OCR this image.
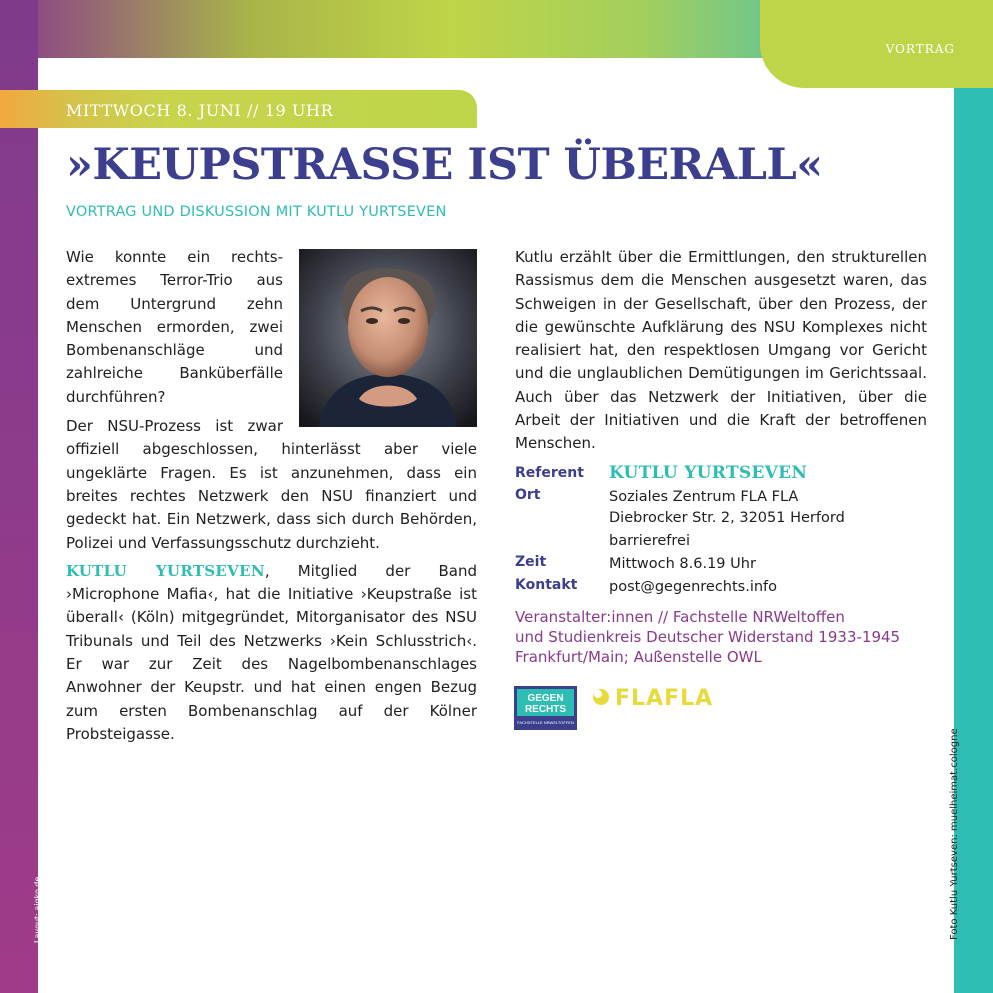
VORTRAG
MITTWOCH 8. JUNI // 19 UHR
»KEUPSTRASSE IST ÜBERALL«
VORTRAG UND DISKUSSION MIT KUTLU YURTSEVEN

Wie konnte ein rechtsextremes Terror-Trio aus dem Untergrund zehn Menschen ermorden, zwei Bombenanschläge und zahlreiche Banküberfälle durchführen?

Der NSU-Prozess ist zwar offiziell abgeschlossen, hinterlässt aber viele ungeklärte Fragen. Es ist anzunehmen, dass ein breites rechtes Netzwerk den NSU finanziert und gedeckt hat. Ein Netzwerk, dass sich durch Behörden, Polizei und Verfassungsschutz durchzieht.

KUTLU YURTSEVEN, Mitglied der Band ›Microphone Mafia‹, hat die Initiative ›Keupstraße ist überall‹ (Köln) mitgegründet, Mitorganisator des NSU Tribunals und Teil des Netzwerks ›Kein Schlusstrich‹. Er war zur Zeit des Nagelbombenanschlages Anwohner der Keupstr. und hat einen engen Bezug zum ersten Bombenanschlag auf der Kölner Probsteigasse.

Kutlu erzählt über die Ermittlungen, den strukturellen Rassismus dem die Menschen ausgesetzt waren, das Schweigen in der Gesellschaft, über den Prozess, der die gewünschte Aufklärung des NSU Komplexes nicht realisiert hat, den respektlosen Umgang vor Gericht und die unglaublichen Demütigungen im Gerichtssaal. Auch über das Netzwerk der Initiativen, über die Arbeit der Initiativen und die Kraft der betroffenen Menschen.

Referent KUTLU YURTSEVEN
Ort	Soziales Zentrum FLA FLA
Diebrocker Str. 2, 32051 Herford
barrierefrei
Zeit	Mittwoch 8.6.19 Uhr
Kontakt post@gegenrechts.info
Veranstalter:innen // Fachstelle NRWeltoffen
und Studienkreis Deutscher Widerstand 1933-1945
Frankfurt/Main; Außenstelle OWL
GEGEN
RECHTS
FACHSTELLE NRWELTOFFEN
FLAFLA
Foto Kutlu Yurtseven: muelheimat.cologne
Layout: aigko.de
